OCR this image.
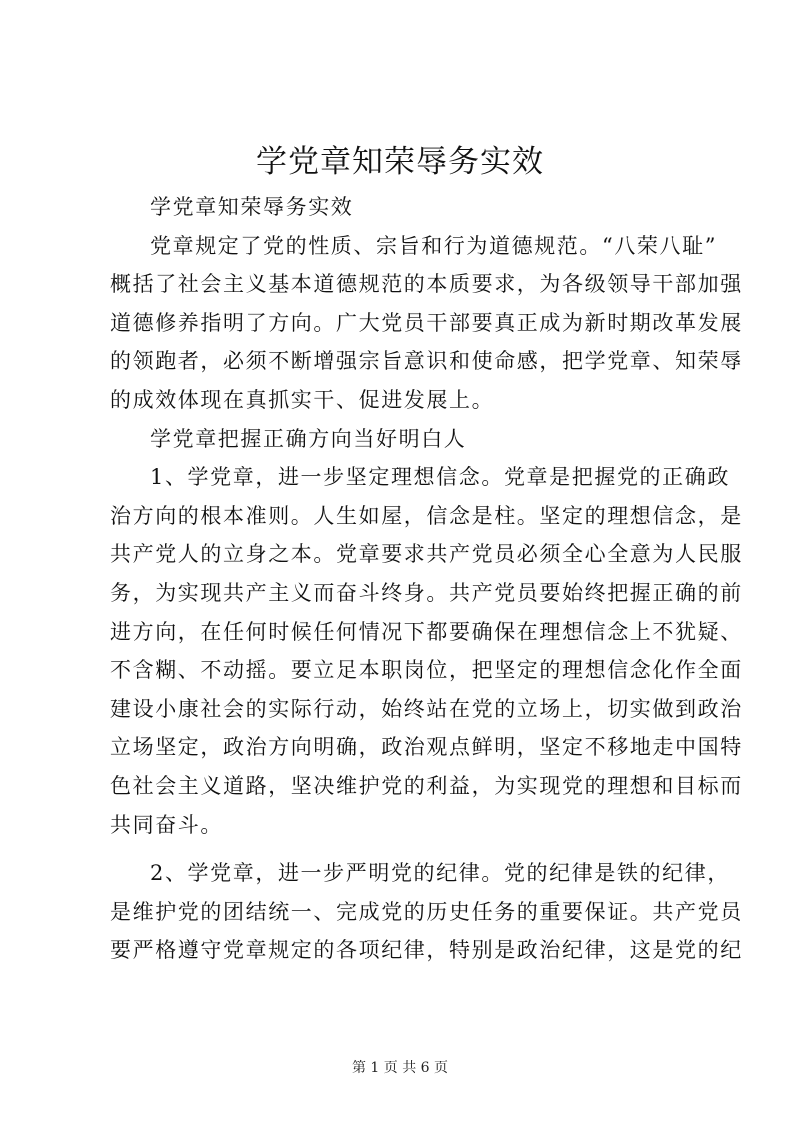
学党章知荣辱务实效
学党章知荣辱务实效
党章规定了党的性质、宗旨和行为道德规范。“八荣八耻”
概括了社会主义基本道德规范的本质要求，为各级领导干部加强
道德修养指明了方向。广大党员干部要真正成为新时期改革发展
的领跑者，必须不断增强宗旨意识和使命感，把学党章、知荣辱
的成效体现在真抓实干、促进发展上。
学党章把握正确方向当好明白人
1、学党章，进一步坚定理想信念。党章是把握党的正确政
治方向的根本准则。人生如屋，信念是柱。坚定的理想信念，是
共产党人的立身之本。党章要求共产党员必须全心全意为人民服
务，为实现共产主义而奋斗终身。共产党员要始终把握正确的前
进方向，在任何时候任何情况下都要确保在理想信念上不犹疑、
不含糊、不动摇。要立足本职岗位，把坚定的理想信念化作全面
建设小康社会的实际行动，始终站在党的立场上，切实做到政治
立场坚定，政治方向明确，政治观点鲜明，坚定不移地走中国特
色社会主义道路，坚决维护党的利益，为实现党的理想和目标而
共同奋斗。
2、学党章，进一步严明党的纪律。党的纪律是铁的纪律，
是维护党的团结统一、完成党的历史任务的重要保证。共产党员
要严格遵守党章规定的各项纪律，特别是政治纪律，这是党的纪
第 1 页 共 6 页
